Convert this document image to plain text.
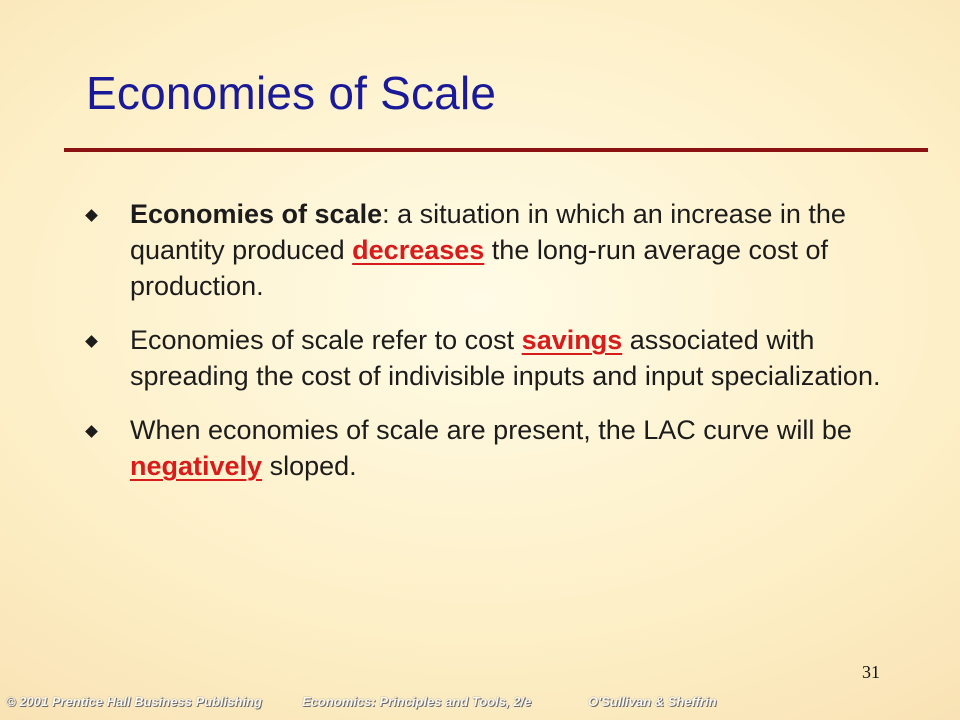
Economies of Scale
Economies of scale: a situation in which an increase in the quantity produced decreases the long-run average cost of production.
Economies of scale refer to cost savings associated with spreading the cost of indivisible inputs and input specialization.
When economies of scale are present, the LAC curve will be negatively sloped.
31
© 2001 Prentice Hall Business Publishing	Economics: Principles and Tools, 2/e	O'Sullivan & Sheffrin
